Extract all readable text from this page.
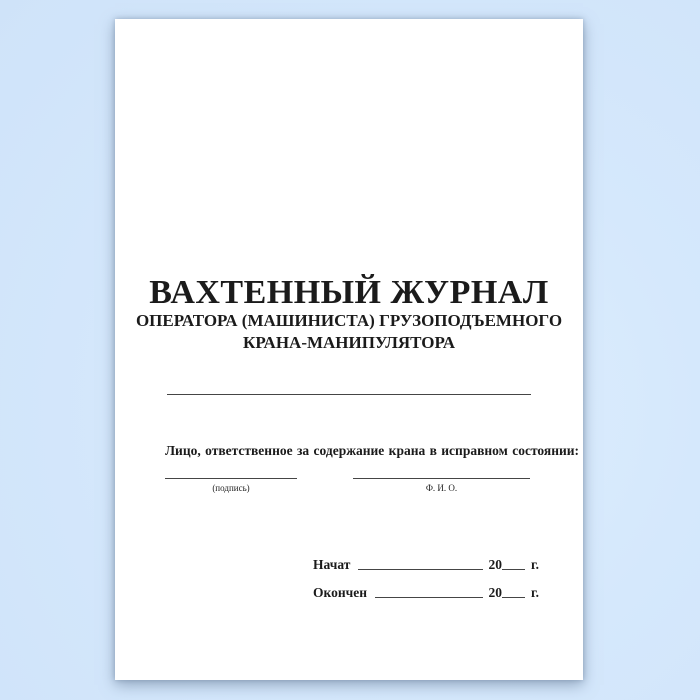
ВАХТЕННЫЙ ЖУРНАЛ
ОПЕРАТОРА (МАШИНИСТА) ГРУЗОПОДЪЕМНОГО
КРАНА-МАНИПУЛЯТОРА
Лицо, ответственное за содержание крана в исправном состоянии:
(подпись)	Ф. И. О.
Начат	20 г.
Окончен	20 г.
